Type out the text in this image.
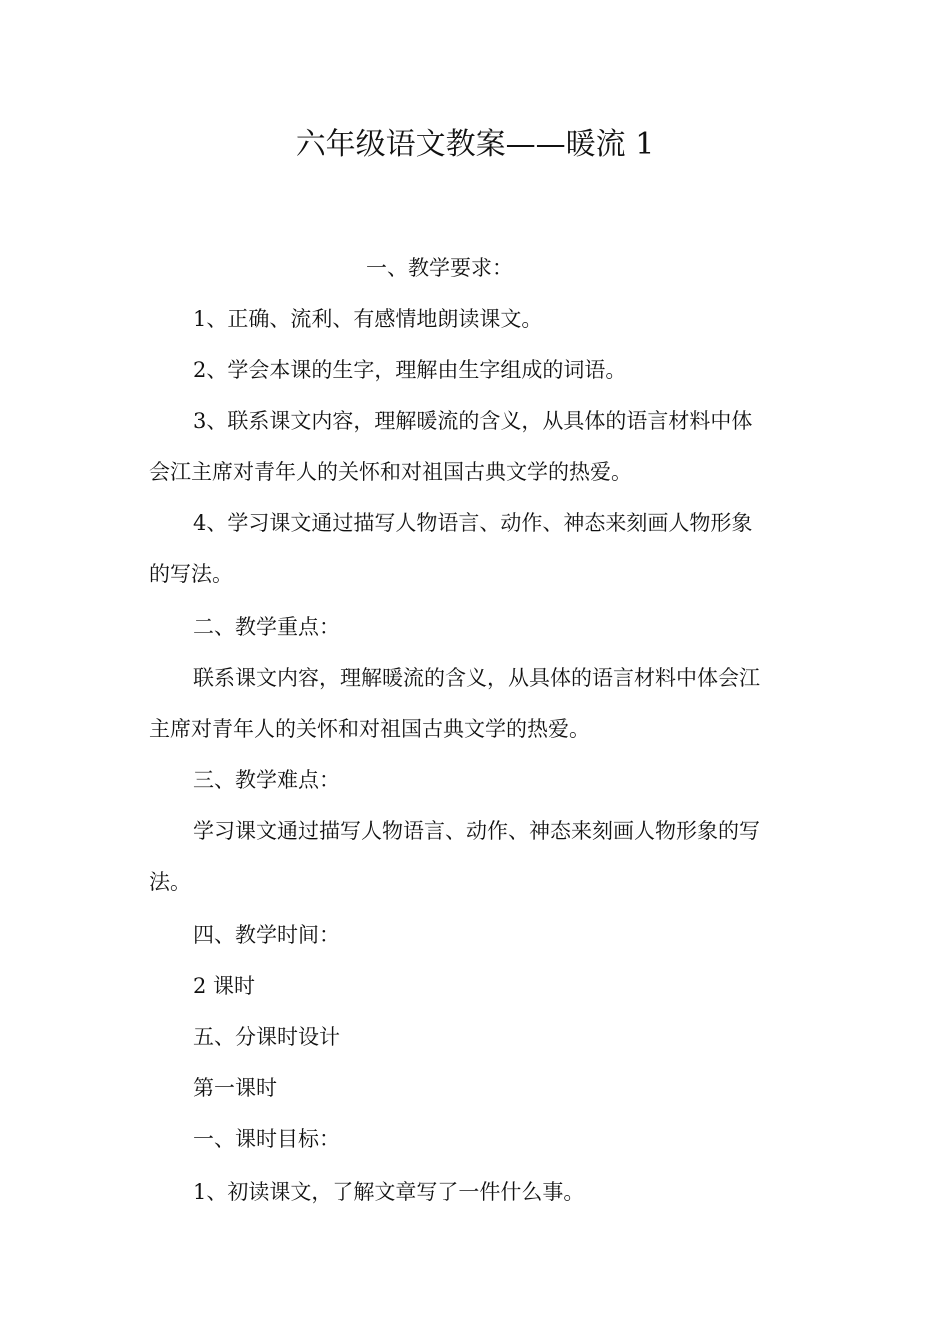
六年级语文教案——暖流 1
一、教学要求：
1、正确、流利、有感情地朗读课文。
2、学会本课的生字，理解由生字组成的词语。
3、联系课文内容，理解暖流的含义，从具体的语言材料中体
会江主席对青年人的关怀和对祖国古典文学的热爱。
4、学习课文通过描写人物语言、动作、神态来刻画人物形象
的写法。
二、教学重点：
联系课文内容，理解暖流的含义，从具体的语言材料中体会江
主席对青年人的关怀和对祖国古典文学的热爱。
三、教学难点：
学习课文通过描写人物语言、动作、神态来刻画人物形象的写
法。
四、教学时间：
2 课时
五、分课时设计
第一课时
一、课时目标：
1、初读课文，了解文章写了一件什么事。
